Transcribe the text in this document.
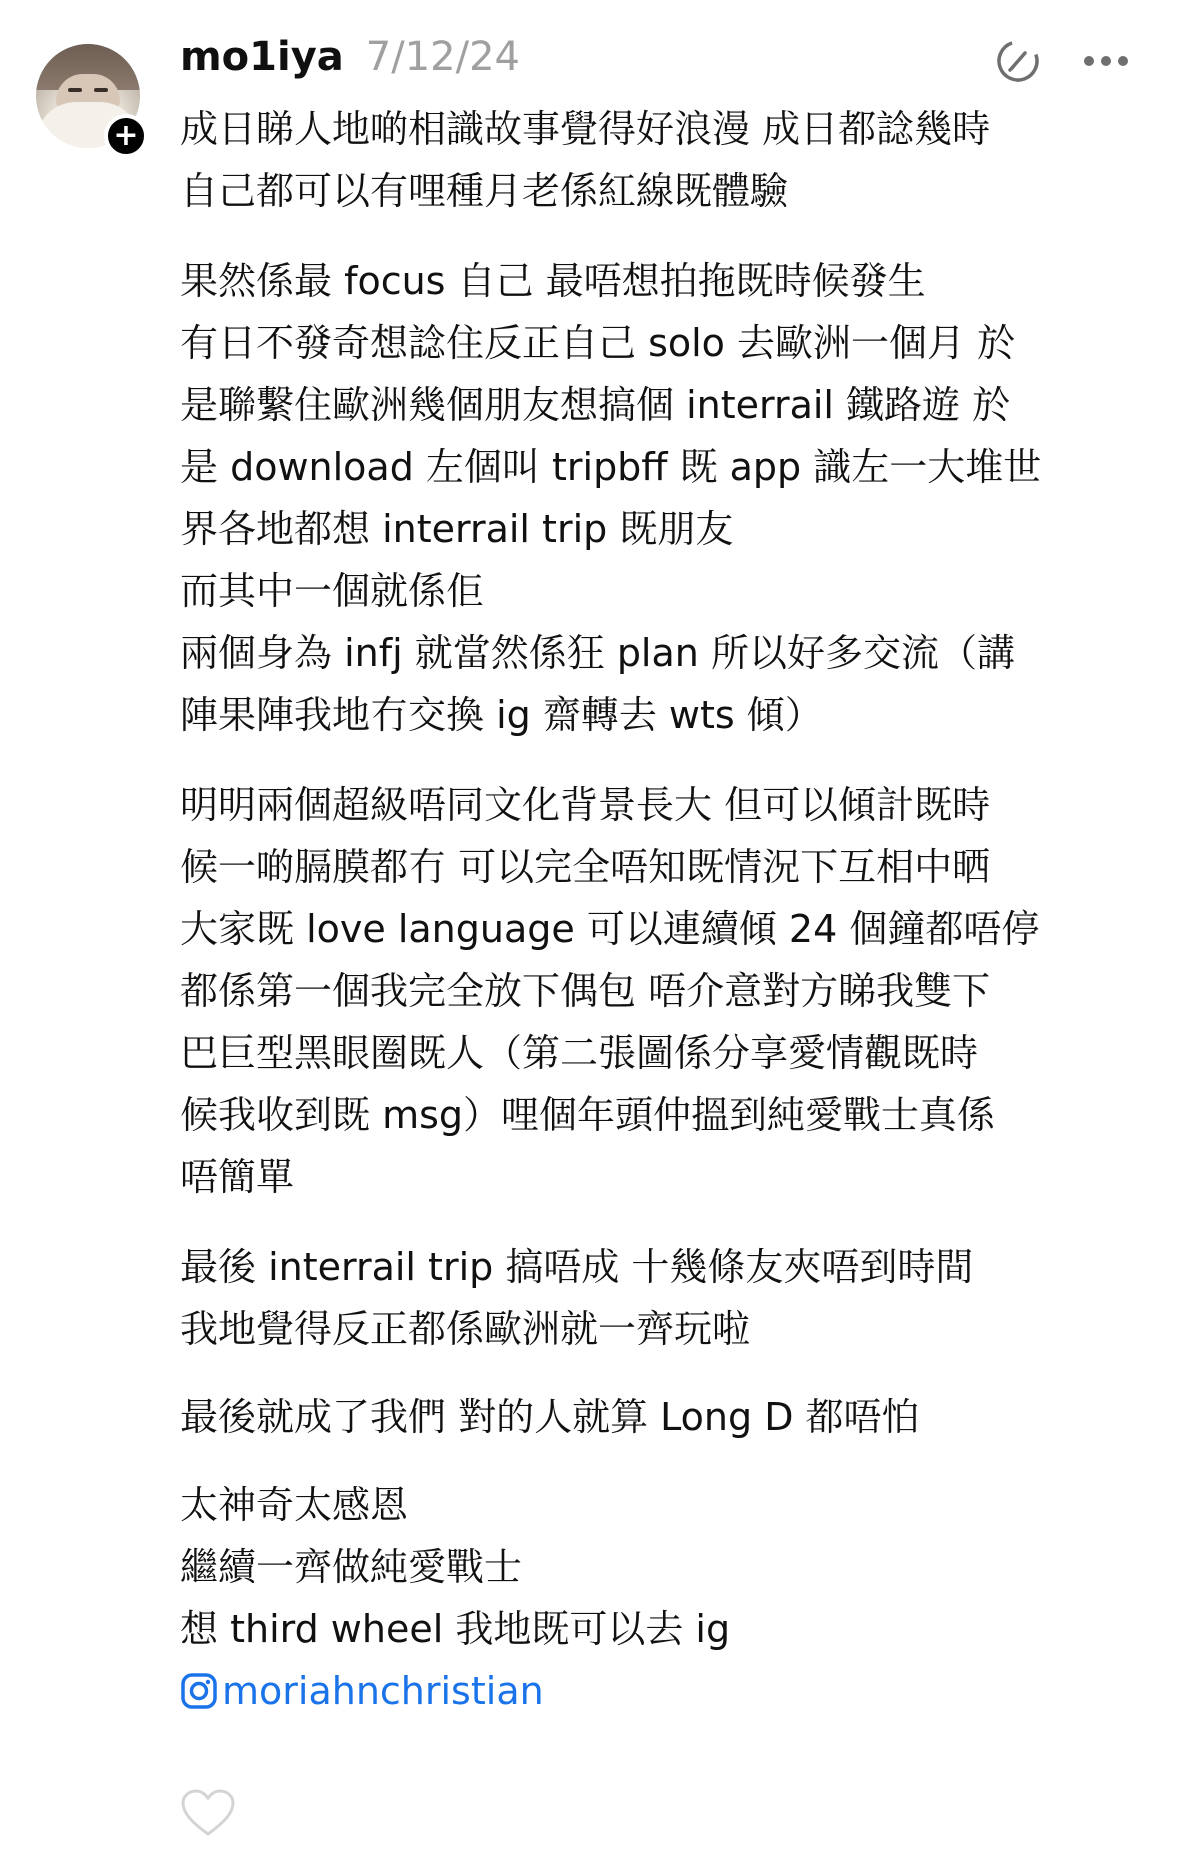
+
mo1iya 7/12/24

成日睇人地啲相識故事覺得好浪漫 成日都諗幾時

自己都可以有哩種月老係紅線既體驗

果然係最 focus 自己 最唔想拍拖既時候發生

有日不發奇想諗住反正自己 solo 去歐洲一個月 於

是聯繫住歐洲幾個朋友想搞個 interrail 鐵路遊 於

是 download 左個叫 tripbff 既 app 識左一大堆世

界各地都想 interrail trip 既朋友

而其中一個就係佢

兩個身為 infj 就當然係狂 plan 所以好多交流（講

陣果陣我地冇交換 ig 齋轉去 wts 傾）

明明兩個超級唔同文化背景長大 但可以傾計既時

候一啲膈膜都冇 可以完全唔知既情況下互相中晒

大家既 love language 可以連續傾 24 個鐘都唔停

都係第一個我完全放下偶包 唔介意對方睇我雙下

巴巨型黑眼圈既人（第二張圖係分享愛情觀既時

候我收到既 msg）哩個年頭仲搵到純愛戰士真係

唔簡單

最後 interrail trip 搞唔成 十幾條友夾唔到時間

我地覺得反正都係歐洲就一齊玩啦

最後就成了我們 對的人就算 Long D 都唔怕

太神奇太感恩

繼續一齊做純愛戰士

想 third wheel 我地既可以去 ig

moriahnchristian
